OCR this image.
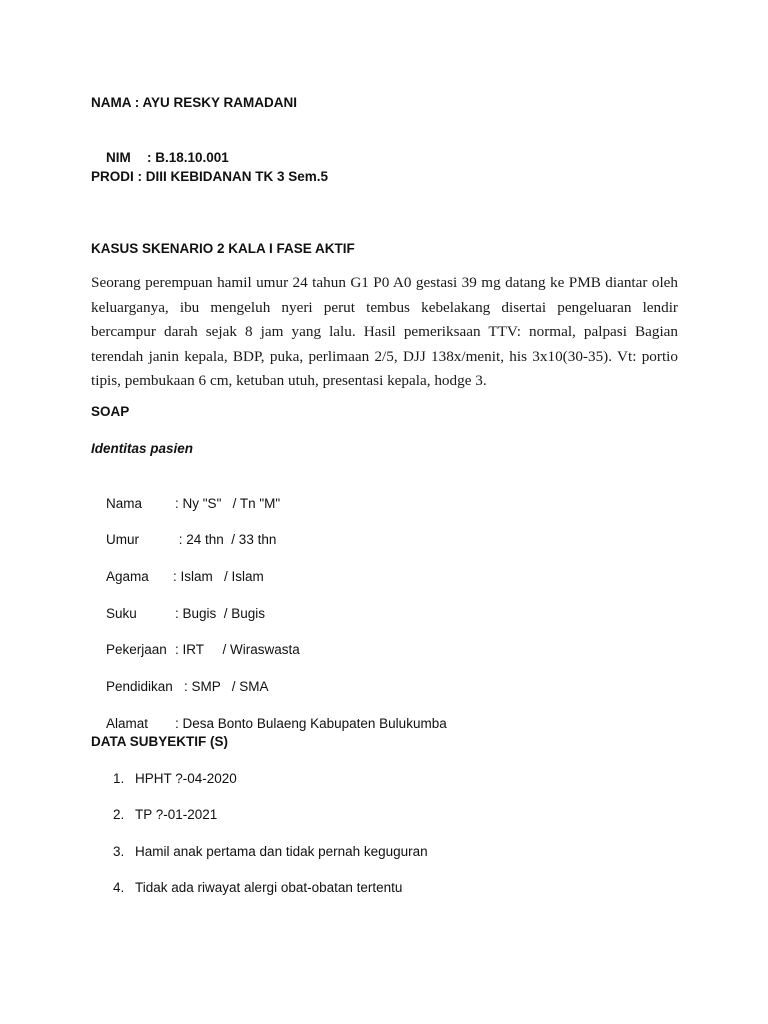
NAMA : AYU RESKY RAMADANI

NIM : B.18.10.001

PRODI : DIII KEBIDANAN TK 3 Sem.5
KASUS SKENARIO 2 KALA I FASE AKTIF
Seorang perempuan hamil umur 24 tahun G1 P0 A0 gestasi 39 mg datang ke PMB diantar oleh keluarganya, ibu mengeluh nyeri perut tembus kebelakang disertai pengeluaran lendir bercampur darah sejak 8 jam yang lalu. Hasil pemeriksaan TTV: normal, palpasi Bagian terendah janin kepala, BDP, puka, perlimaan 2/5, DJJ 138x/menit, his 3x10(30-35). Vt: portio tipis, pembukaan 6 cm, ketuban utuh, presentasi kepala, hodge 3.
SOAP
Identitas pasien

Nama : Ny "S"   / Tn "M"

Umur	: 24 thn  / 33 thn

Agama : Islam   / Islam

Suku	: Bugis  / Bugis

Pekerjaan : IRT     / Wiraswasta

Pendidikan : SMP   / SMA

Alamat : Desa Bonto Bulaeng Kabupaten Bulukumba

DATA SUBYEKTIF (S)
1. HPHT ?-04-2020
2. TP ?-01-2021
3. Hamil anak pertama dan tidak pernah keguguran
4. Tidak ada riwayat alergi obat-obatan tertentu
